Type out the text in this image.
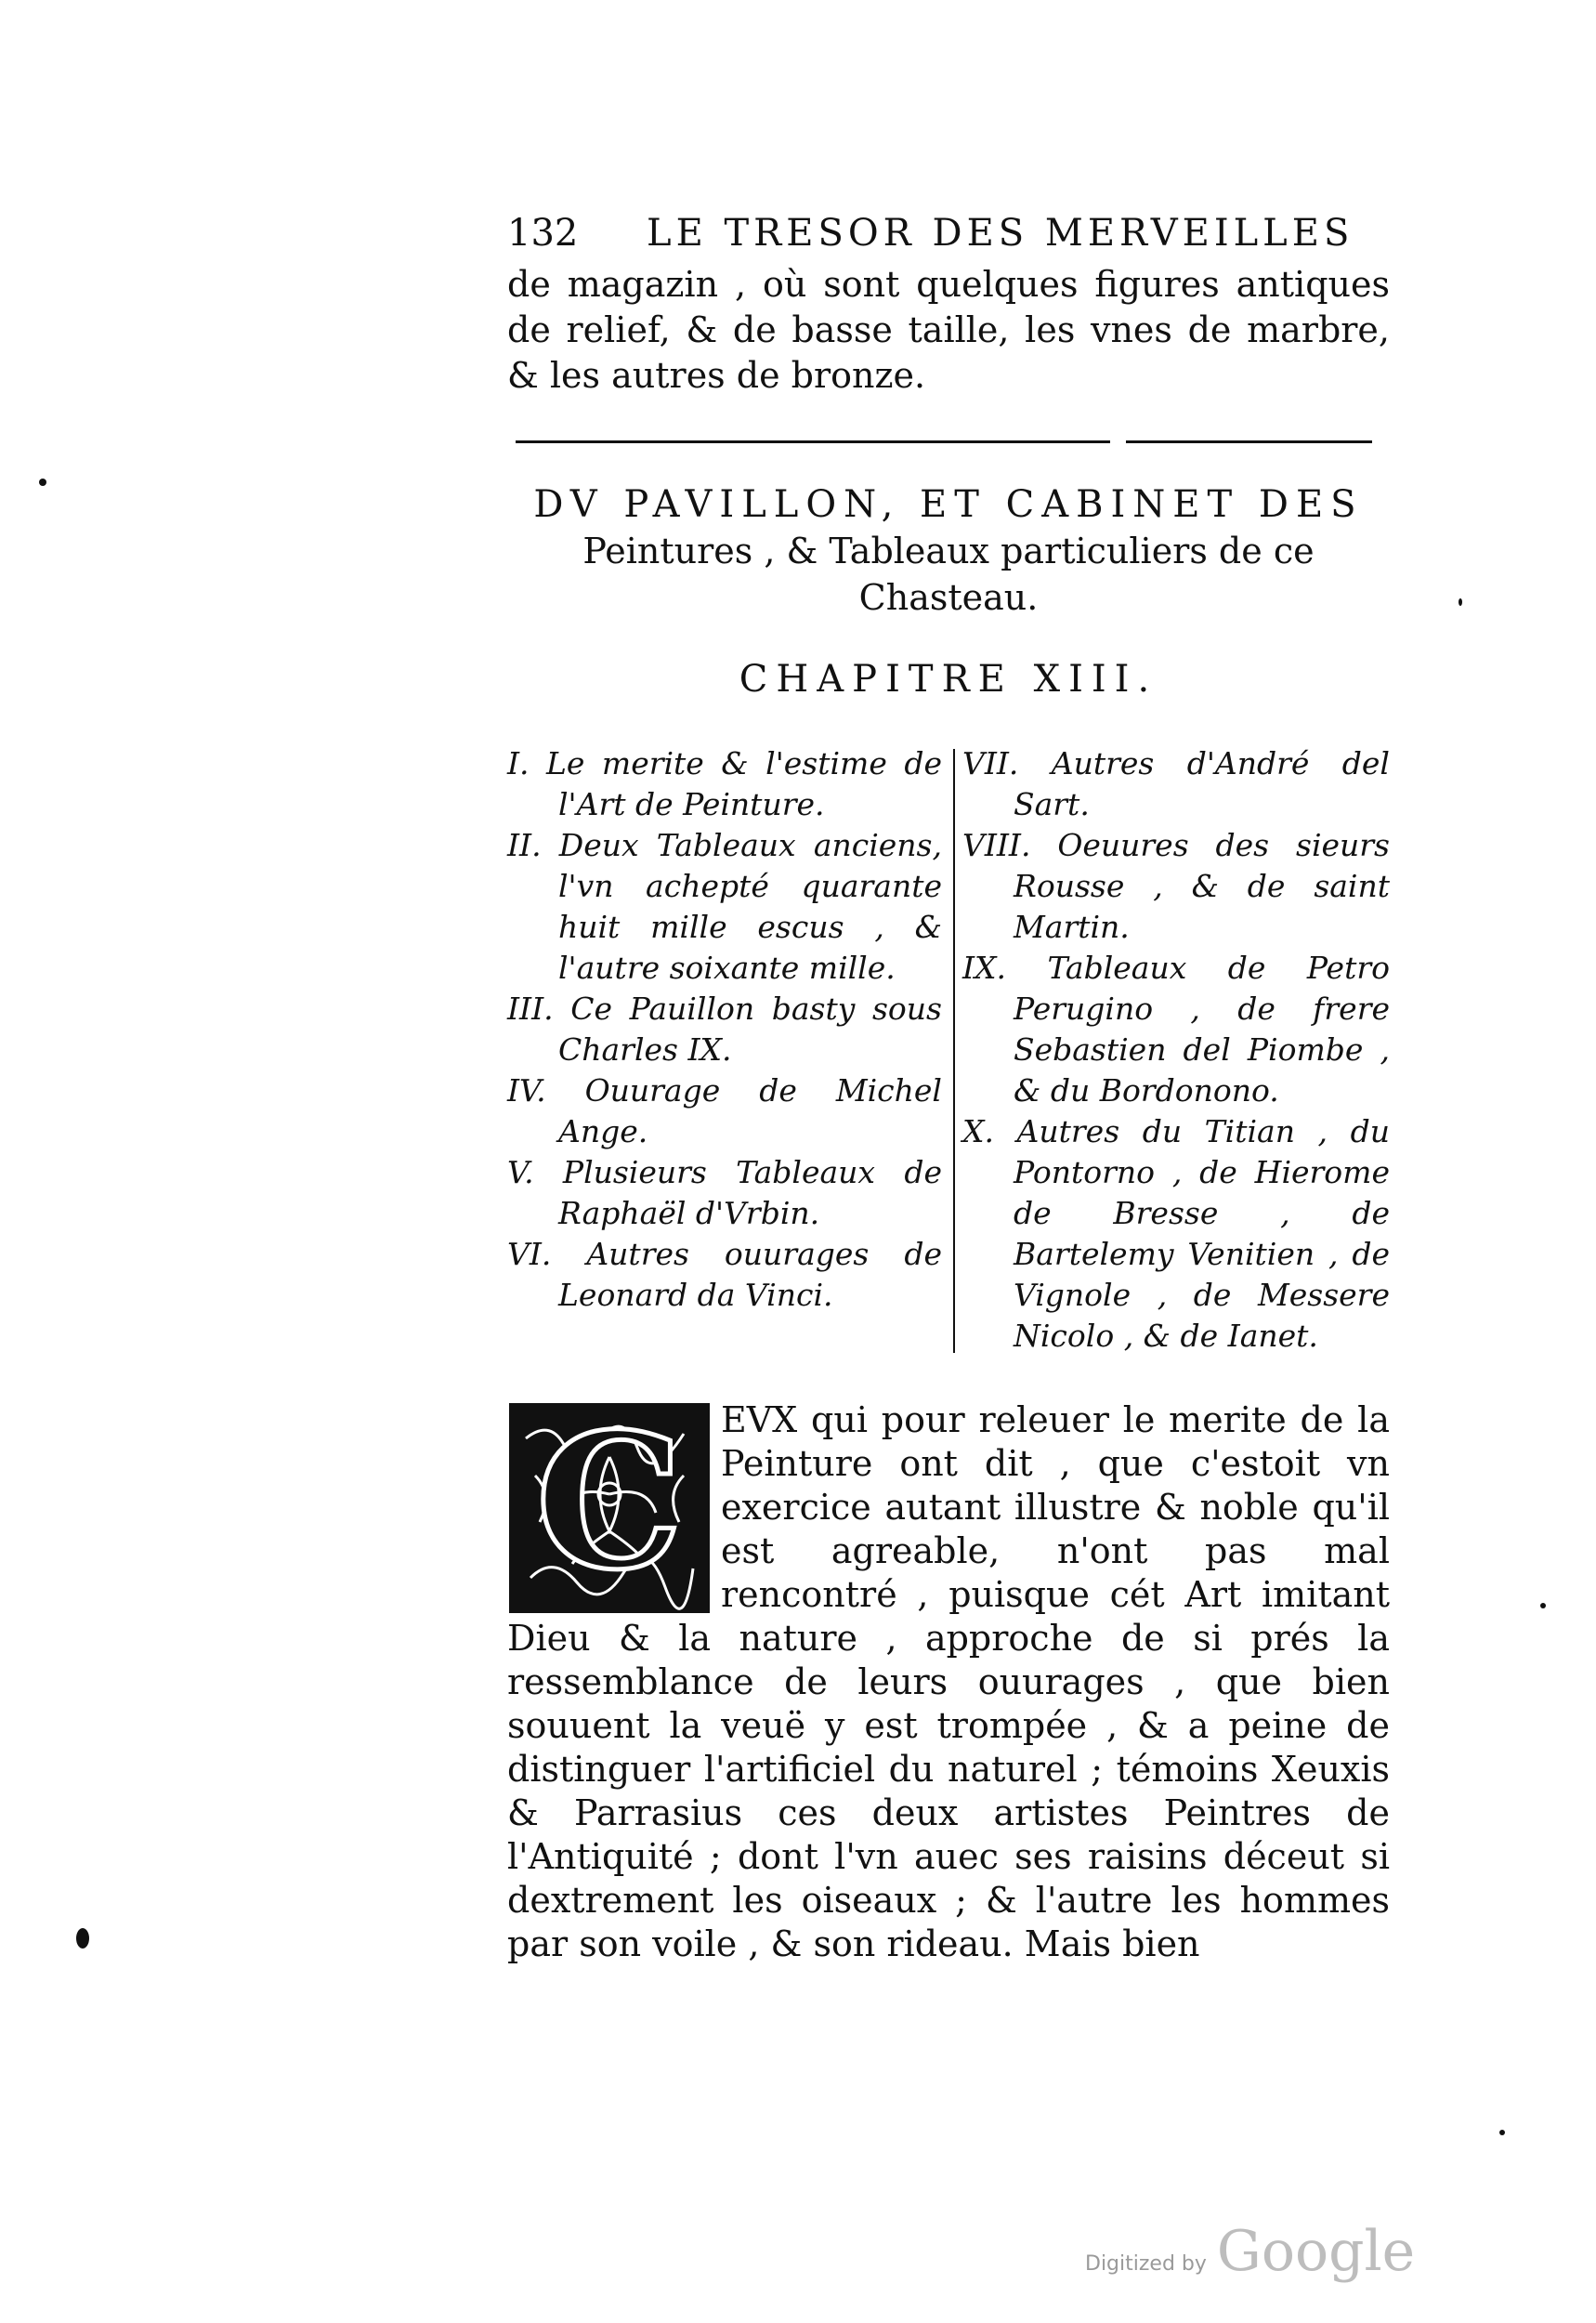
132 LE TRESOR DES MERVEILLES

de magazin , où sont quelques figures antiques de relief, & de basse taille, les vnes de marbre, & les autres de bronze.

DV PAVILLON, ET CABINET DES
Peintures , & Tableaux particuliers de ce Chasteau.
CHAPITRE XIII.

I. Le merite & l'estime de l'Art de Peinture.

II. Deux Tableaux anciens, l'vn achepté quarante huit mille escus , & l'autre soixante mille.

III. Ce Pauillon basty sous Charles IX.

IV. Ouurage de Michel Ange.

V. Plusieurs Tableaux de Raphaël d'Vrbin.

VI. Autres ouurages de Leonard da Vinci.

VII. Autres d'André del Sart.

VIII. Oeuures des sieurs Rousse , & de saint Martin.

IX. Tableaux de Petro Perugino , de frere Sebastien del Piombe , & du Bordonono.

X. Autres du Titian , du Pontorno , de Hierome de Bresse , de Bartelemy Venitien , de Vignole , de Messere Nicolo , & de Ianet.

C	EVX qui pour releuer le merite de la Peinture ont dit , que c'estoit vn exercice autant illustre & noble qu'il est agreable, n'ont pas mal rencontré , puisque cét Art imitant Dieu & la nature , approche de si prés la ressemblance de leurs ouurages , que bien souuent la veuë y est trompée , & a peine de distinguer l'artificiel du naturel ; témoins Xeuxis & Parrasius ces deux artistes Peintres de l'Antiquité ; dont l'vn auec ses raisins déceut si dextrement les oiseaux ; & l'autre les hommes par son voile , & son rideau. Mais bien

Digitized by Google
